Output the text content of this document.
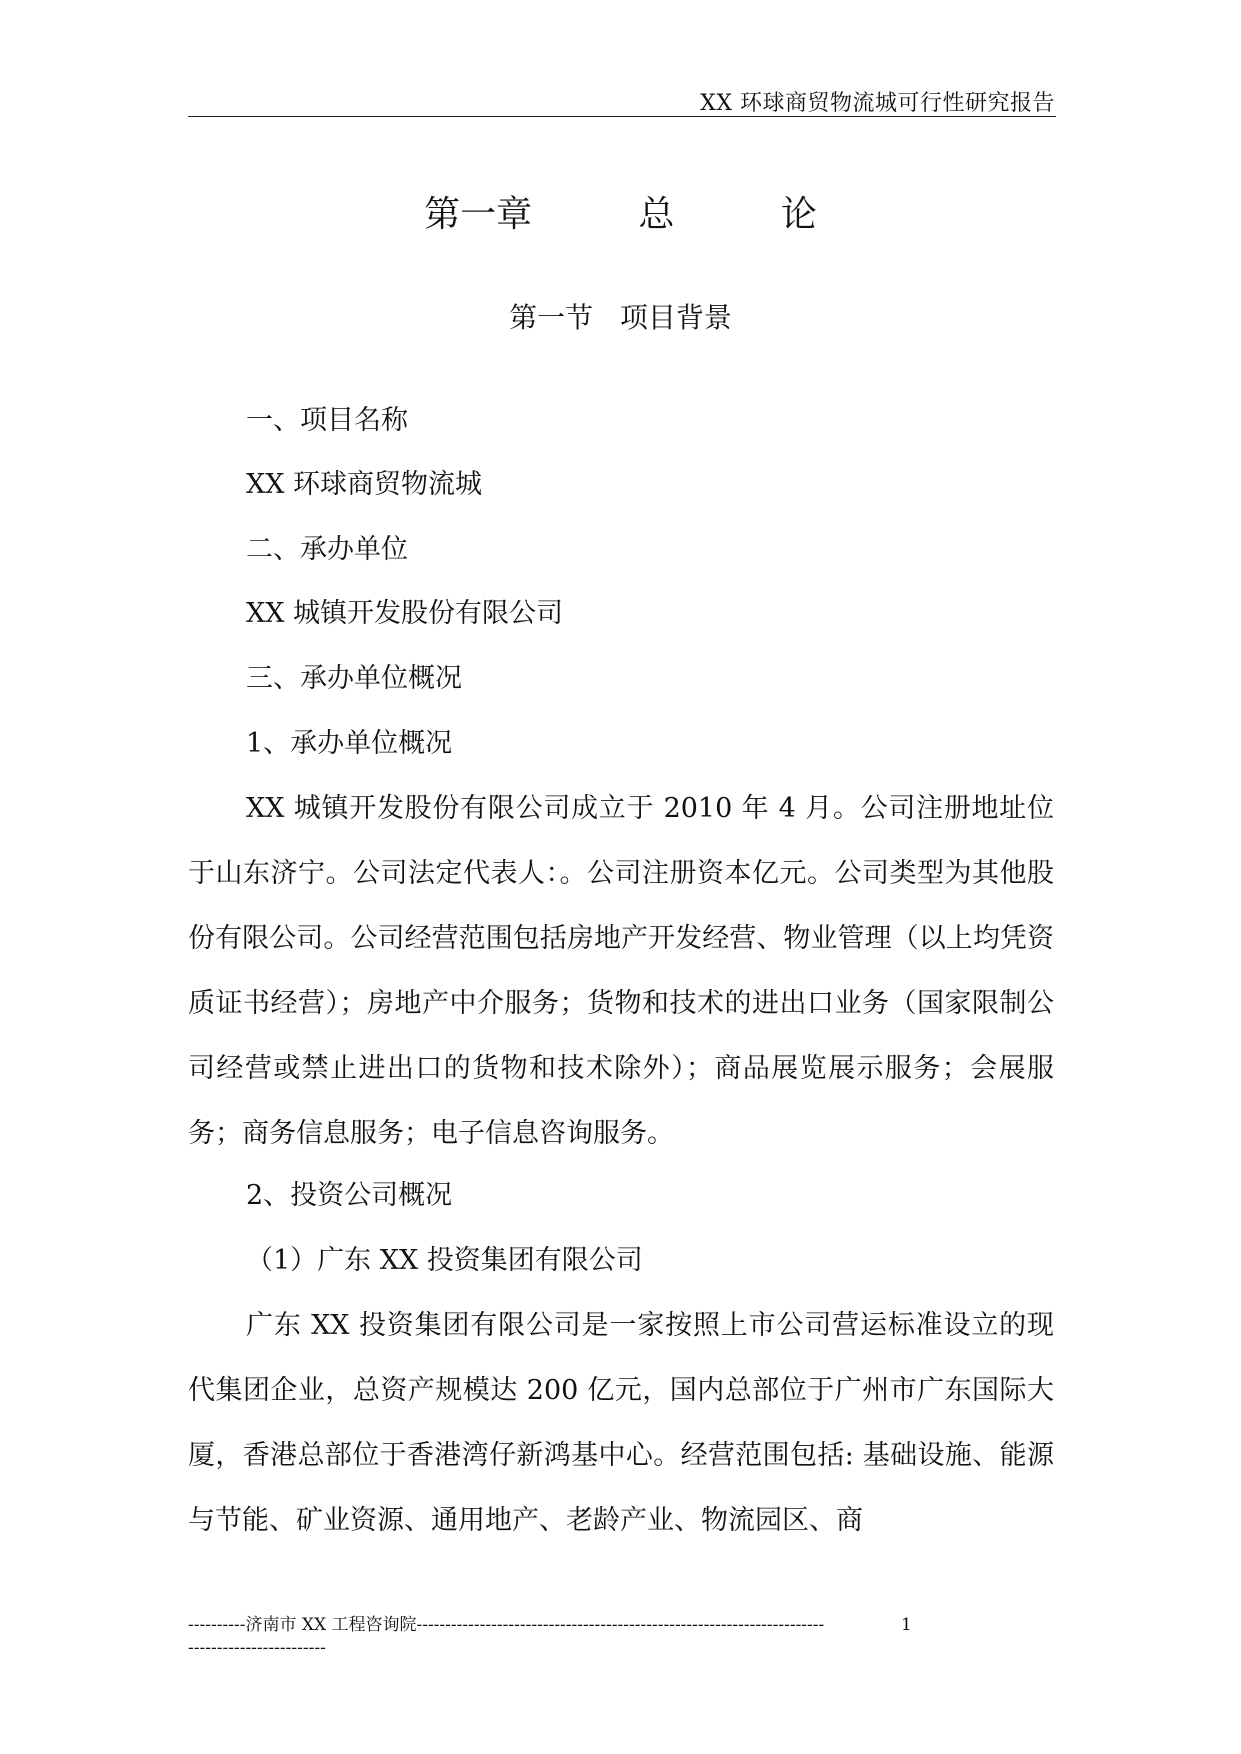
XX 环球商贸物流城可行性研究报告
第一章   总   论
第一节   项目背景
一、项目名称
XX 环球商贸物流城
二、承办单位
XX 城镇开发股份有限公司
三、承办单位概况
1、承办单位概况
XX 城镇开发股份有限公司成立于 2010 年 4 月。公司注册地址位于山东济宁。公司法定代表人：。公司注册资本亿元。公司类型为其他股份有限公司。公司经营范围包括房地产开发经营、物业管理（以上均凭资质证书经营）；房地产中介服务；货物和技术的进出口业务（国家限制公司经营或禁止进出口的货物和技术除外）；商品展览展示服务；会展服务；商务信息服务；电子信息咨询服务。
2、投资公司概况
（1）广东 XX 投资集团有限公司
广东 XX 投资集团有限公司是一家按照上市公司营运标准设立的现代集团企业，总资产规模达 200 亿元，国内总部位于广州市广东国际大厦，香港总部位于香港湾仔新鸿基中心。经营范围包括: 基础设施、能源与节能、矿业资源、通用地产、老龄产业、物流园区、商
----------济南市 XX 工程咨询院-----------------------------------------------------------------------	1
------------------------
